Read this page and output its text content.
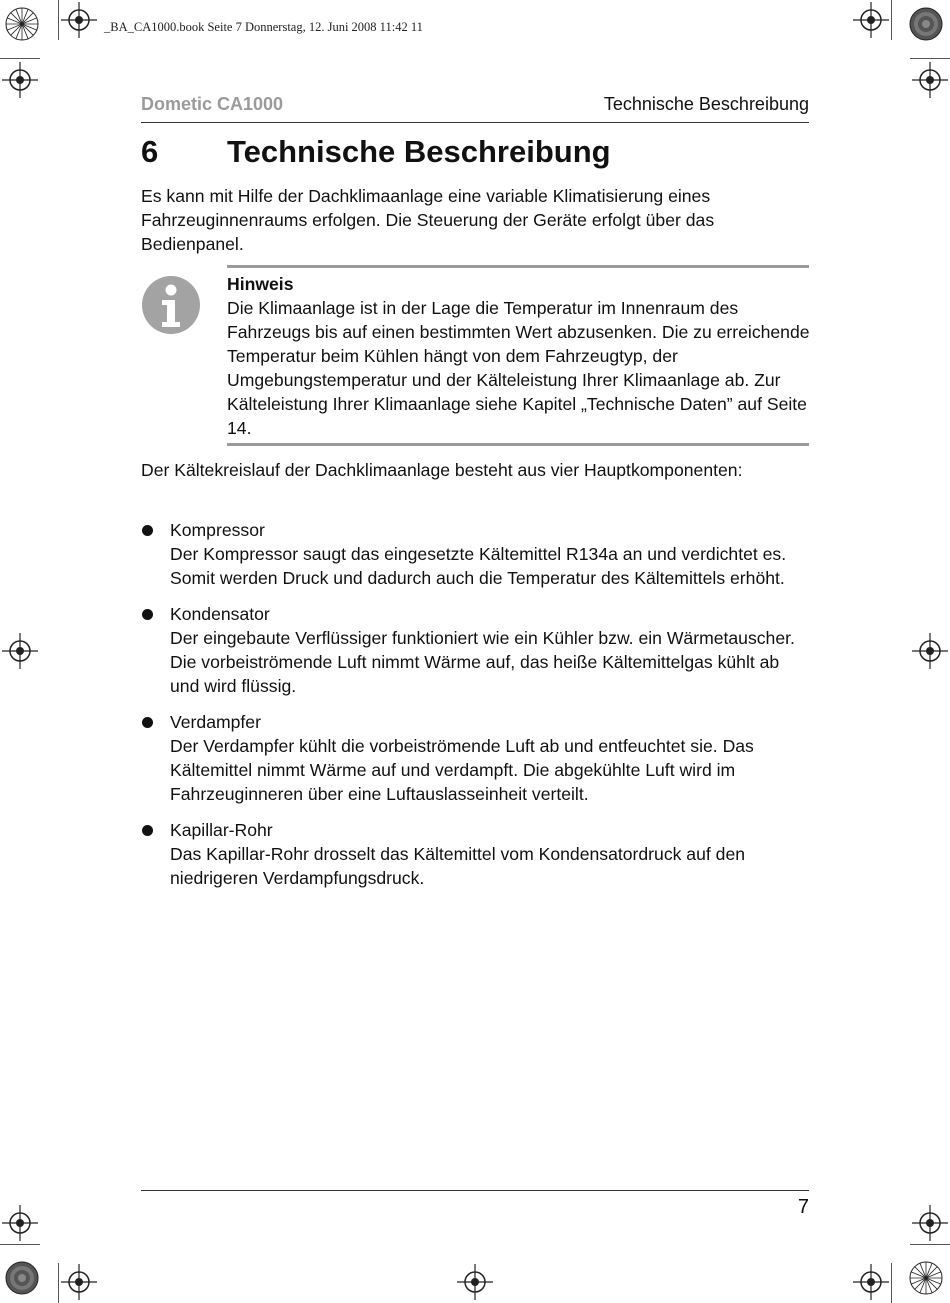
_BA_CA1000.book Seite 7 Donnerstag, 12. Juni 2008 11:42 11
Dometic CA1000	Technische Beschreibung
6 Technische Beschreibung

Es kann mit Hilfe der Dachklimaanlage eine variable Klimatisierung eines Fahrzeuginnenraums erfolgen. Die Steuerung der Geräte erfolgt über das Bedienpanel.

Hinweis

Die Klimaanlage ist in der Lage die Temperatur im Innenraum des Fahrzeugs bis auf einen bestimmten Wert abzusenken. Die zu erreichende Temperatur beim Kühlen hängt von dem Fahrzeugtyp, der Umgebungstemperatur und der Kälteleistung Ihrer Klimaanlage ab. Zur Kälteleistung Ihrer Klimaanlage siehe Kapitel „Technische Daten” auf Seite 14.

Der Kältekreislauf der Dachklimaanlage besteht aus vier Hauptkomponenten:

Kompressor
Der Kompressor saugt das eingesetzte Kältemittel R134a an und verdichtet es. Somit werden Druck und dadurch auch die Temperatur des Kältemittels erhöht.
Kondensator
Der eingebaute Verflüssiger funktioniert wie ein Kühler bzw. ein Wärmetauscher. Die vorbeiströmende Luft nimmt Wärme auf, das heiße Kältemittelgas kühlt ab und wird flüssig.
Verdampfer
Der Verdampfer kühlt die vorbeiströmende Luft ab und entfeuchtet sie. Das Kältemittel nimmt Wärme auf und verdampft. Die abgekühlte Luft wird im Fahrzeuginneren über eine Luftauslasseinheit verteilt.
Kapillar-Rohr
Das Kapillar-Rohr drosselt das Kältemittel vom Kondensatordruck auf den niedrigeren Verdampfungsdruck.
7
